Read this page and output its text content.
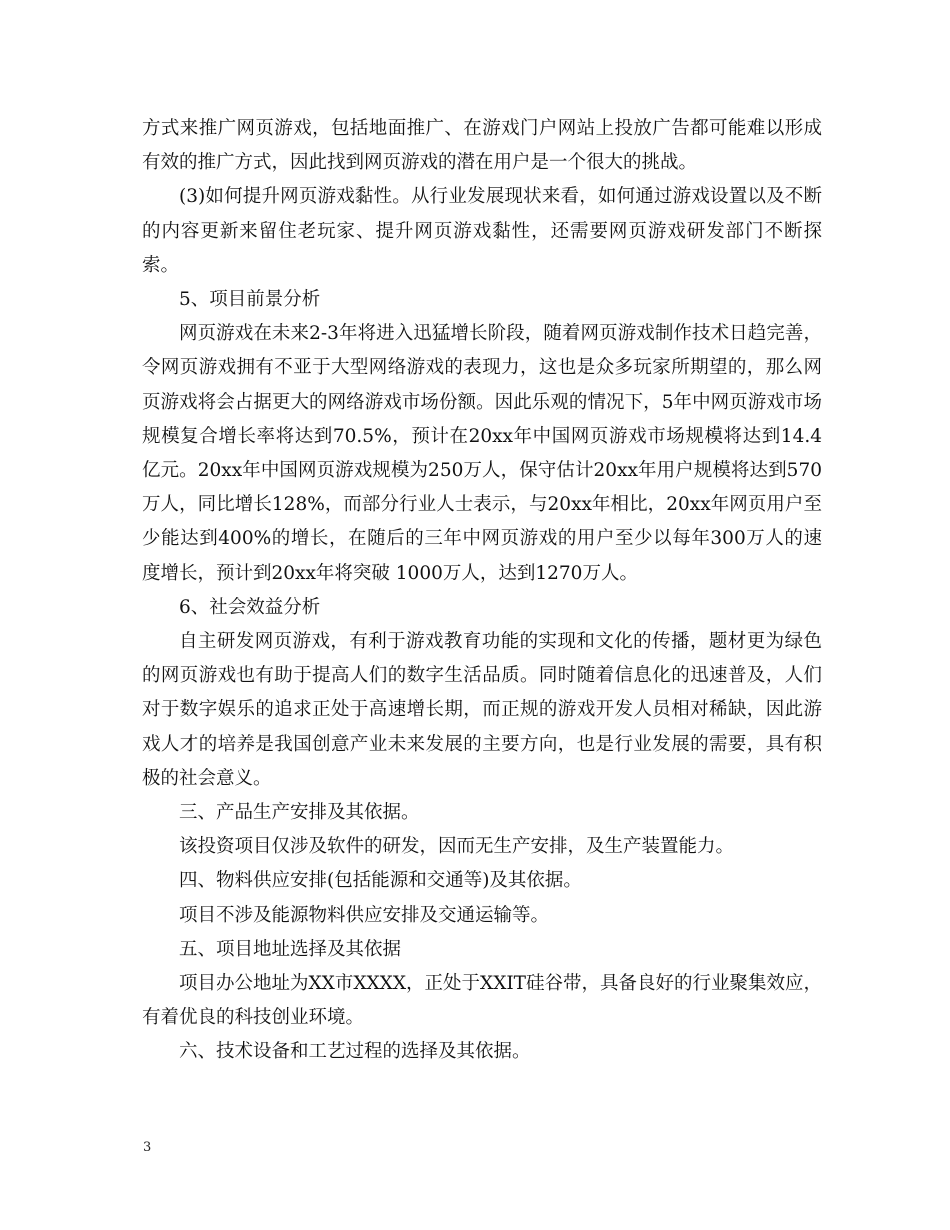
方式来推广网页游戏，包括地面推广、在游戏门户网站上投放广告都可能难以形成有效的推广方式，因此找到网页游戏的潜在用户是一个很大的挑战。

(3)如何提升网页游戏黏性。从行业发展现状来看，如何通过游戏设置以及不断的内容更新来留住老玩家、提升网页游戏黏性，还需要网页游戏研发部门不断探索。

5、项目前景分析

网页游戏在未来2-3年将进入迅猛增长阶段，随着网页游戏制作技术日趋完善，令网页游戏拥有不亚于大型网络游戏的表现力，这也是众多玩家所期望的，那么网页游戏将会占据更大的网络游戏市场份额。因此乐观的情况下，5年中网页游戏市场规模复合增长率将达到70.5%，预计在20xx年中国网页游戏市场规模将达到14.4亿元。20xx年中国网页游戏规模为250万人，保守估计20xx年用户规模将达到570万人，同比增长128%，而部分行业人士表示，与20xx年相比，20xx年网页用户至少能达到400%的增长，在随后的三年中网页游戏的用户至少以每年300万人的速度增长，预计到20xx年将突破 1000万人，达到1270万人。

6、社会效益分析

自主研发网页游戏，有利于游戏教育功能的实现和文化的传播，题材更为绿色的网页游戏也有助于提高人们的数字生活品质。同时随着信息化的迅速普及，人们对于数字娱乐的追求正处于高速增长期，而正规的游戏开发人员相对稀缺，因此游戏人才的培养是我国创意产业未来发展的主要方向，也是行业发展的需要，具有积极的社会意义。

三、产品生产安排及其依据。

该投资项目仅涉及软件的研发，因而无生产安排，及生产装置能力。

四、物料供应安排(包括能源和交通等)及其依据。

项目不涉及能源物料供应安排及交通运输等。

五、项目地址选择及其依据

项目办公地址为XX市XXXX，正处于XXIT硅谷带，具备良好的行业聚集效应，有着优良的科技创业环境。

六、技术设备和工艺过程的选择及其依据。

3
